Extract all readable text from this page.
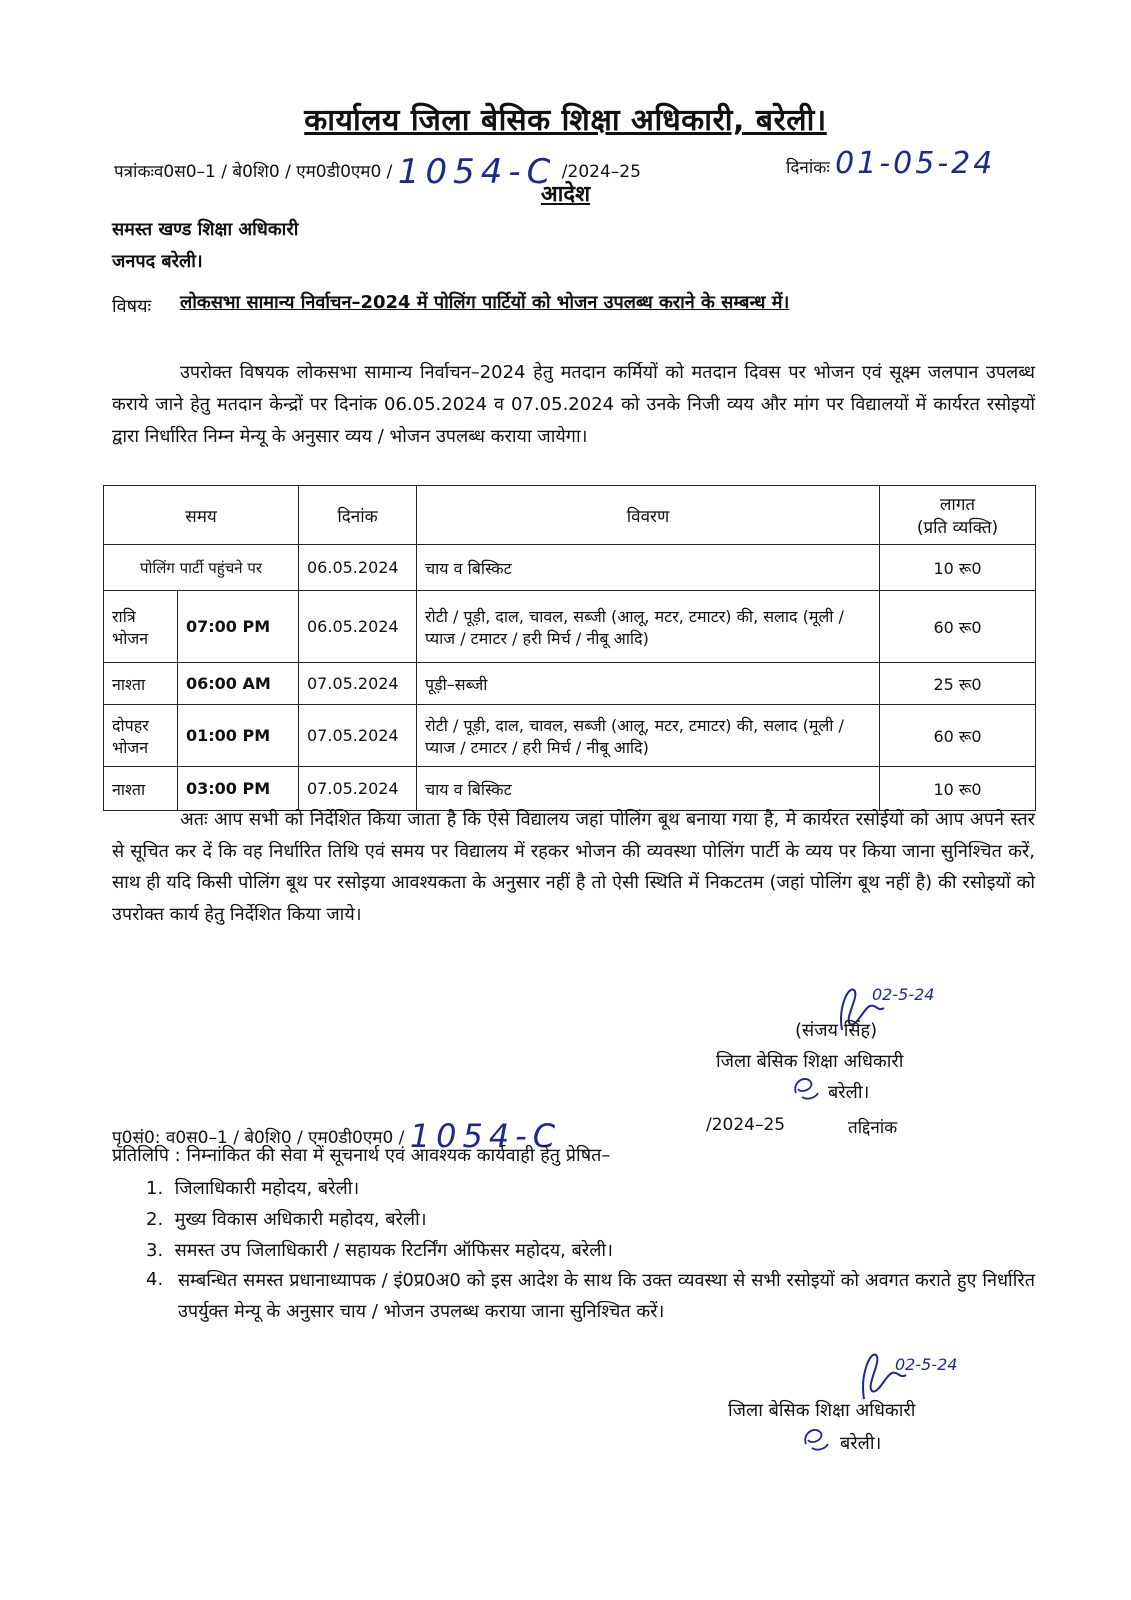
कार्यालय जिला बेसिक शिक्षा अधिकारी, बरेली।
पत्रांकःव0स0–1 / बे0शि0 / एम0डी0एम0 / 1054-C /2024–25	दिनांकः 01-05-24
आदेश
समस्त खण्ड शिक्षा अधिकारी
जनपद बरेली।
विषयः लोकसभा सामान्य निर्वाचन–2024 में पोलिंग पार्टियों को भोजन उपलब्ध कराने के सम्बन्ध में।
उपरोक्त विषयक लोकसभा सामान्य निर्वाचन–2024 हेतु मतदान कर्मियों को मतदान दिवस पर भोजन एवं सूक्ष्म जलपान उपलब्ध कराये जाने हेतु मतदान केन्द्रों पर दिनांक 06.05.2024 व 07.05.2024 को उनके निजी व्यय और मांग पर विद्यालयों में कार्यरत रसोइयों द्वारा निर्धारित निम्न मेन्यू के अनुसार व्यय / भोजन उपलब्ध कराया जायेगा।
समय		दिनांक	विवरण	लागत
(प्रति व्यक्ति)

पोलिंग पार्टी पहुंचने पर		06.05.2024	चाय व बिस्किट	10 रू0
रात्रि भोजन	07:00 PM	06.05.2024	रोटी / पूड़ी, दाल, चावल, सब्जी (आलू, मटर, टमाटर) की, सलाद (मूली / प्याज / टमाटर / हरी मिर्च / नीबू आदि)	60 रू0
नाश्ता	06:00 AM	07.05.2024	पूड़ी–सब्जी	25 रू0
दोपहर भोजन	01:00 PM	07.05.2024	रोटी / पूड़ी, दाल, चावल, सब्जी (आलू, मटर, टमाटर) की, सलाद (मूली / प्याज / टमाटर / हरी मिर्च / नीबू आदि)	60 रू0
नाश्ता	03:00 PM	07.05.2024	चाय व बिस्किट	10 रू0
अतः आप सभी को निर्देशित किया जाता है कि ऐसे विद्यालय जहां पोलिंग बूथ बनाया गया है, मे कार्यरत रसोईयों को आप अपने स्तर से सूचित कर दें कि वह निर्धारित तिथि एवं समय पर विद्यालय में रहकर भोजन की व्यवस्था पोलिंग पार्टी के व्यय पर किया जाना सुनिश्चित करें, साथ ही यदि किसी पोलिंग बूथ पर रसोइया आवश्यकता के अनुसार नहीं है तो ऐसी स्थिति में निकटतम (जहां पोलिंग बूथ नहीं है) की रसोइयों को उपरोक्त कार्य हेतु निर्देशित किया जाये।
02-5-24
(संजय सिंह)
जिला बेसिक शिक्षा अधिकारी
बरेली।
पृ0सं0: व0स0–1 / बे0शि0 / एम0डी0एम0 / 1054-C	/2024–25	तद्दिनांक
प्रतिलिपि : निम्नांकित की सेवा में सूचनार्थ एवं आवश्यक कार्यवाही हेतु प्रेषित–
1.  जिलाधिकारी महोदय, बरेली।
2.  मुख्य विकास अधिकारी महोदय, बरेली।
3.  समस्त उप जिलाधिकारी / सहायक रिटर्निंग ऑफिसर महोदय, बरेली।
4. सम्बन्धित समस्त प्रधानाध्यापक / इं0प्र0अ0 को इस आदेश के साथ कि उक्त व्यवस्था से सभी रसोइयों को अवगत कराते हुए निर्धारित उपर्युक्त मेन्यू के अनुसार चाय / भोजन उपलब्ध कराया जाना सुनिश्चित करें।
02-5-24
जिला बेसिक शिक्षा अधिकारी
बरेली।
